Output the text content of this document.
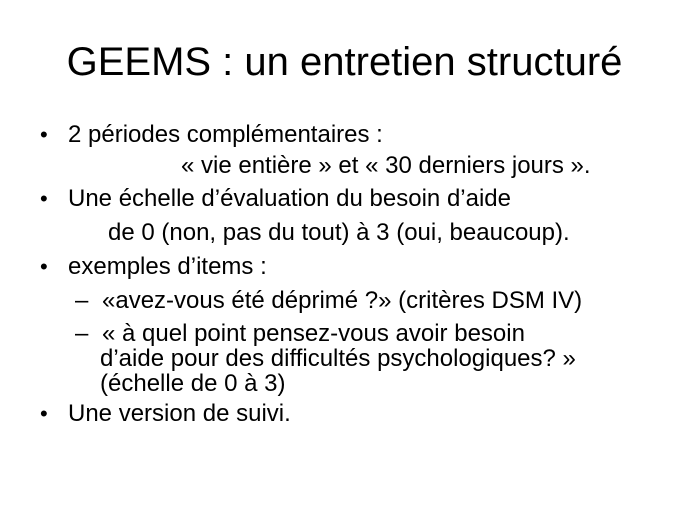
GEEMS : un entretien structuré
• 2 périodes complémentaires :
« vie entière » et « 30 derniers jours ».
• Une échelle d’évaluation du besoin d’aide
de 0 (non, pas du tout) à 3 (oui, beaucoup).
• exemples d’items :
– «avez-vous été déprimé ?» (critères DSM IV)
– « à quel point pensez-vous avoir besoin
d’aide pour des difficultés psychologiques? »
(échelle de 0 à 3)
• Une version de suivi.
